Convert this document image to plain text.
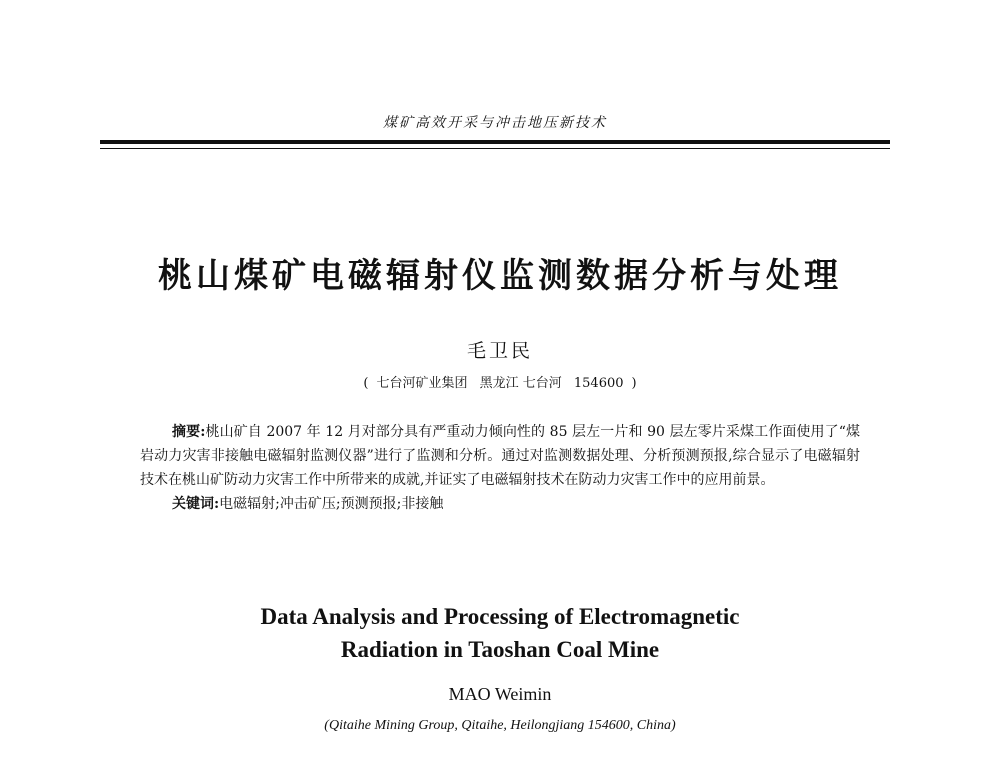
煤矿高效开采与冲击地压新技术
桃山煤矿电磁辐射仪监测数据分析与处理
毛卫民
( 七台河矿业集团 黑龙江 七台河 154600 )

摘要:桃山矿自 2007 年 12 月对部分具有严重动力倾向性的 85 层左一片和 90 层左零片采煤工作面使用了“煤岩动力灾害非接触电磁辐射监测仪器”进行了监测和分析。通过对监测数据处理、分析预测预报,综合显示了电磁辐射技术在桃山矿防动力灾害工作中所带来的成就,并证实了电磁辐射技术在防动力灾害工作中的应用前景。

关键词:电磁辐射;冲击矿压;预测预报;非接触

Data Analysis and Processing of Electromagnetic
Radiation in Taoshan Coal Mine
MAO Weimin
(Qitaihe Mining Group, Qitaihe, Heilongjiang 154600, China)
